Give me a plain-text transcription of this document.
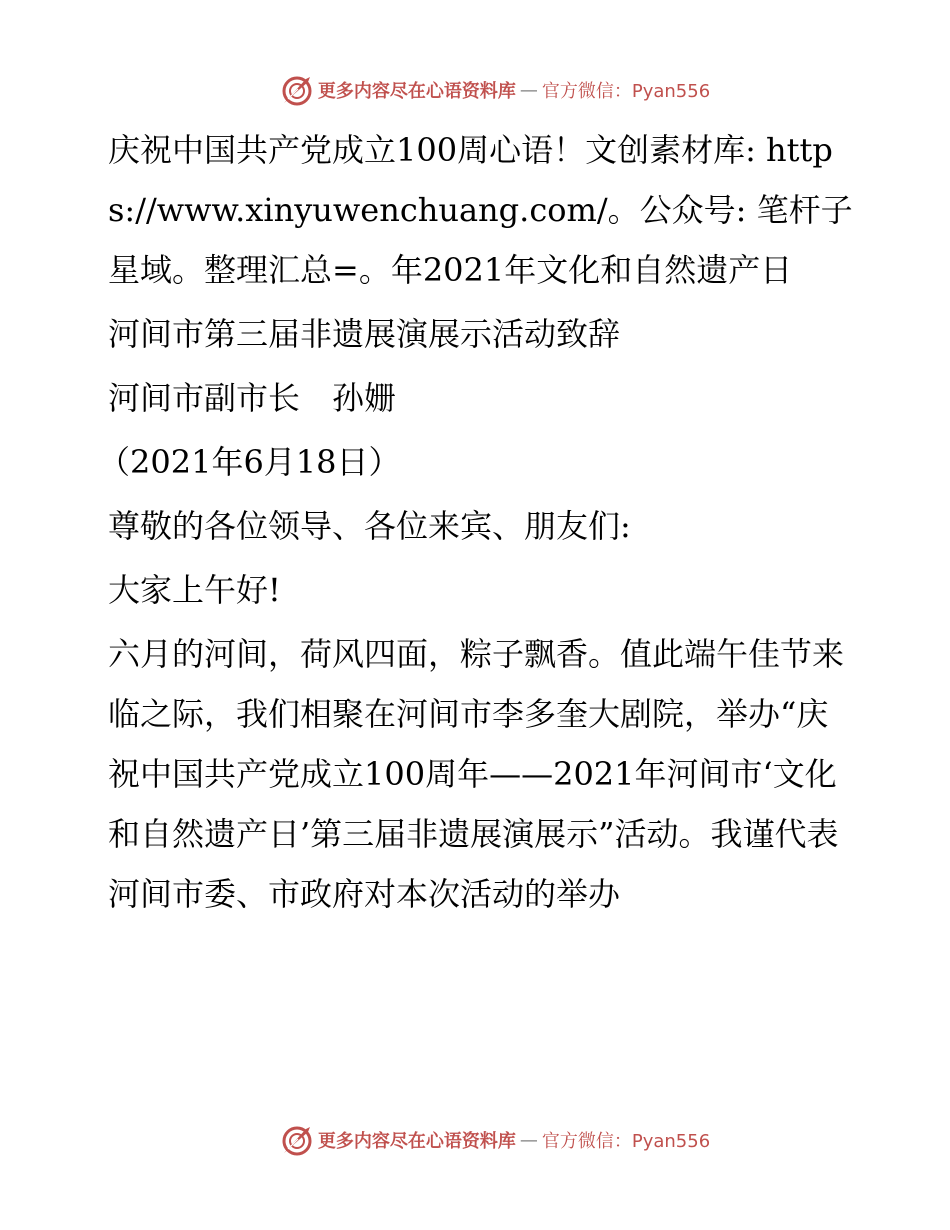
更多内容尽在心语资料库 — 官方微信：Pyan556

庆祝中国共产党成立100周心语！文创素材库: https://www.xinyuwenchuang.com/。公众号: 笔杆子星域。整理汇总=。年2021年文化和自然遗产日

河间市第三届非遗展演展示活动致辞

河间市副市长　孙姗

（2021年6月18日）

尊敬的各位领导、各位来宾、朋友们:

大家上午好!

六月的河间，荷风四面，粽子飘香。值此端午佳节来临之际，我们相聚在河间市李多奎大剧院，举办“庆祝中国共产党成立100周年——2021年河间市‘文化和自然遗产日’第三届非遗展演展示”活动。我谨代表河间市委、市政府对本次活动的举办

更多内容尽在心语资料库 — 官方微信：Pyan556
